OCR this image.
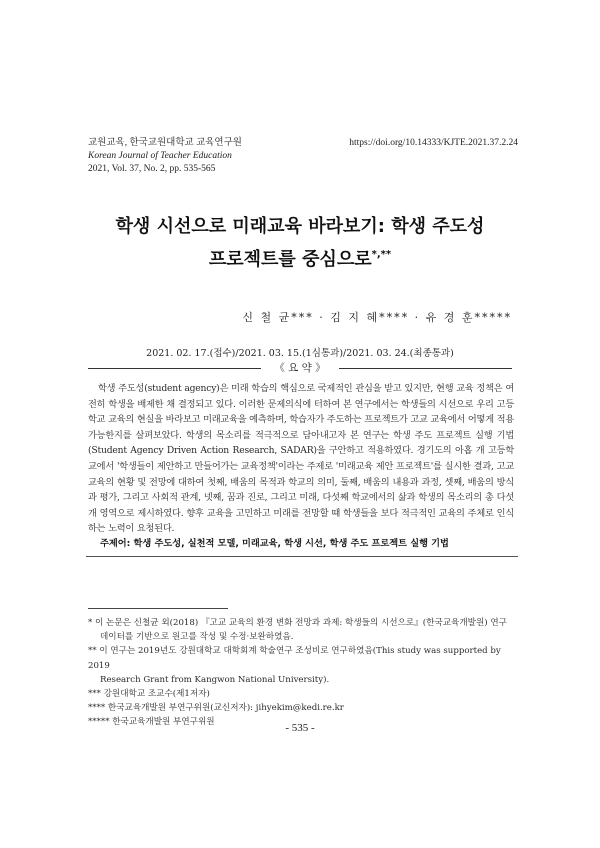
교원교육, 한국교원대학교 교육연구원	https://doi.org/10.14333/KJTE.2021.37.2.24
Korean Journal of Teacher Education
2021, Vol. 37, No. 2, pp. 535-565
학생 시선으로 미래교육 바라보기: 학생 주도성
프로젝트를 중심으로*,**
신 철 균*** · 김 지 혜**** · 유 경 훈*****
2021. 02. 17.(접수)/2021. 03. 15.(1심통과)/2021. 03. 24.(최종통과)
《 요 약 》
학생 주도성(student agency)은 미래 학습의 핵심으로 국제적인 관심을 받고 있지만, 현행 교육 정책은 여전히 학생을 배제한 채 결정되고 있다. 이러한 문제의식에 터하여 본 연구에서는 학생들의 시선으로 우리 고등학교 교육의 현실을 바라보고 미래교육을 예측하며, 학습자가 주도하는 프로젝트가 고교 교육에서 어떻게 적용가능한지를 살펴보았다. 학생의 목소리를 적극적으로 담아내고자 본 연구는 학생 주도 프로젝트 실행 기법(Student Agency Driven Action Research, SADAR)을 구안하고 적용하였다. 경기도의 아홉 개 고등학교에서 '학생들이 제안하고 만들어가는 교육정책'이라는 주제로 '미래교육 제안 프로젝트'를 실시한 결과, 고교교육의 현황 및 전망에 대하여 첫째, 배움의 목적과 학교의 의미, 둘째, 배움의 내용과 과정, 셋째, 배움의 방식과 평가, 그리고 사회적 관계, 넷째, 꿈과 진로, 그리고 미래, 다섯째 학교에서의 삶과 학생의 목소리의 총 다섯 개 영역으로 제시하였다. 향후 교육을 고민하고 미래를 전망할 때 학생들을 보다 적극적인 교육의 주체로 인식하는 노력이 요청된다.
주제어: 학생 주도성, 실천적 모델, 미래교육, 학생 시선, 학생 주도 프로젝트 실행 기법

* 이 논문은 신철균 외(2018) 『고교 교육의 환경 변화 전망과 과제: 학생들의 시선으로』(한국교육개발원) 연구

데이터를 기반으로 원고를 작성 및 수정·보완하였음.

** 이 연구는 2019년도 강원대학교 대학회계 학술연구 조성비로 연구하였음(This study was supported by 2019

Research Grant from Kangwon National University).

*** 강원대학교 조교수(제1저자)

**** 한국교육개발원 부연구위원(교신저자): jihyekim@kedi.re.kr

***** 한국교육개발원 부연구위원	- 535 -
